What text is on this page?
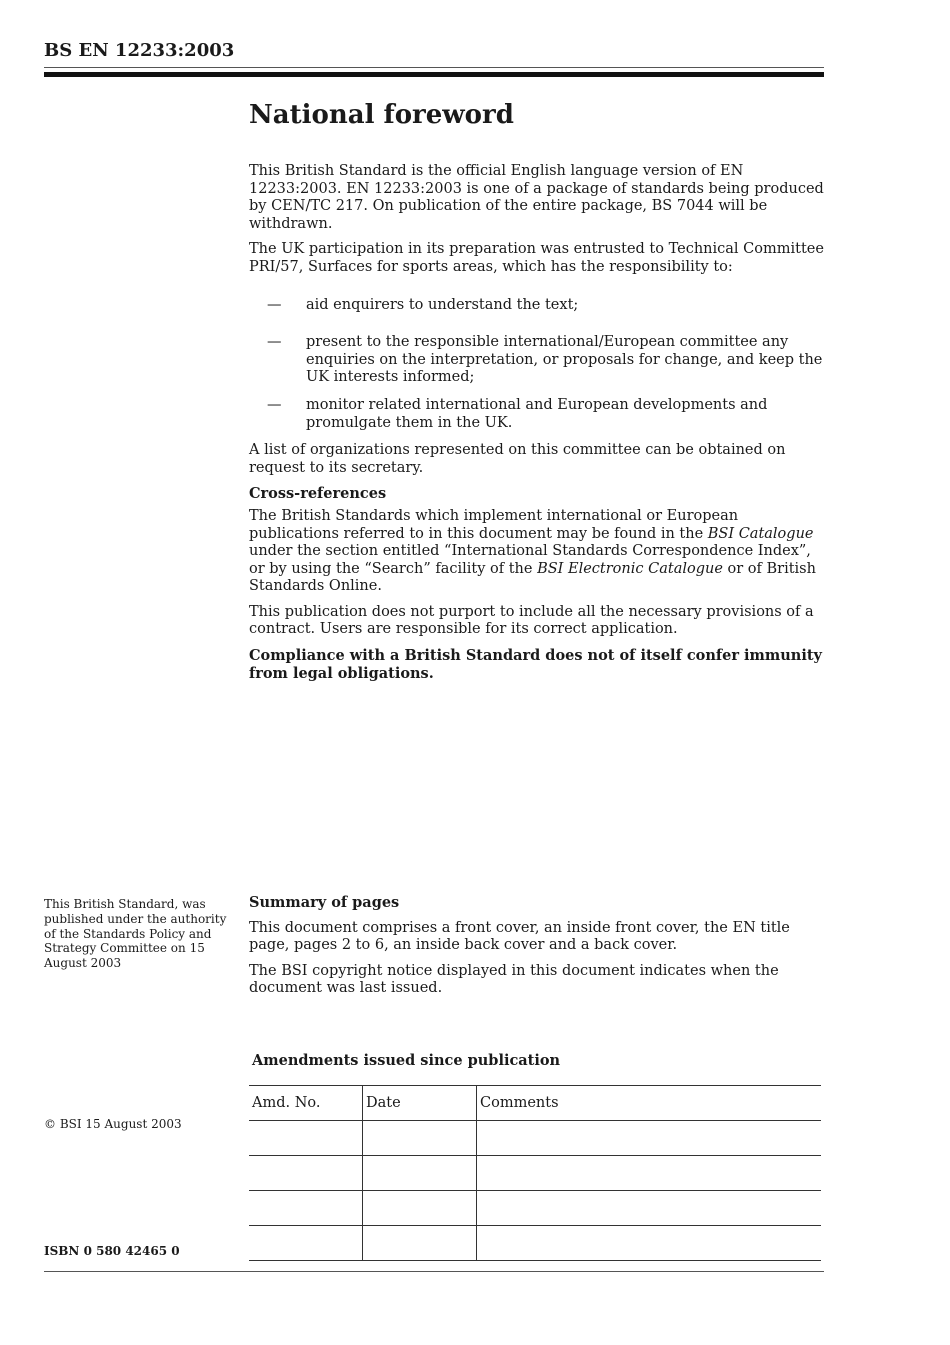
BS EN 12233:2003
National foreword

This British Standard is the official English language version of EN 12233:2003. EN 12233:2003 is one of a package of standards being produced by CEN/TC 217. On publication of the entire package, BS 7044 will be withdrawn.

The UK participation in its preparation was entrusted to Technical Committee PRI/57, Surfaces for sports areas, which has the responsibility to:

— aid enquirers to understand the text;
— present to the responsible international/European committee any enquiries on the interpretation, or proposals for change, and keep the UK interests informed;
— monitor related international and European developments and promulgate them in the UK.

A list of organizations represented on this committee can be obtained on request to its secretary.

Cross-references

The British Standards which implement international or European publications referred to in this document may be found in the BSI Catalogue under the section entitled “International Standards Correspondence Index”, or by using the “Search” facility of the BSI Electronic Catalogue or of British Standards Online.

This publication does not purport to include all the necessary provisions of a contract. Users are responsible for its correct application.

Compliance with a British Standard does not of itself confer immunity from legal obligations.

This British Standard, was published under the authority of the Standards Policy and Strategy Committee on 15 August 2003
© BSI 15 August 2003
ISBN 0 580 42465 0
Summary of pages

This document comprises a front cover, an inside front cover, the EN title page, pages 2 to 6, an inside back cover and a back cover.

The BSI copyright notice displayed in this document indicates when the document was last issued.

Amendments issued since publication
Amd. No.	Date	Comments
